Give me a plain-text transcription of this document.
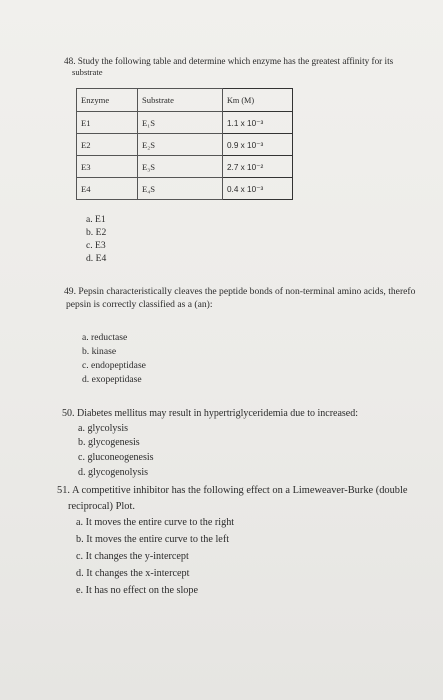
48. Study the following table and determine which enzyme has the greatest affinity for its
substrate
Enzyme	Substrate	Km (M)
E1	E₁S	1.1 x 10⁻³
E2	E₂S	0.9 x 10⁻³
E3	E₃S	2.7 x 10⁻²
E4	E₄S	0.4 x 10⁻³
a. E1
b. E2
c. E3
d. E4
49. Pepsin characteristically cleaves the peptide bonds of non-terminal amino acids, therefo
pepsin is correctly classified as a (an):
a. reductase
b. kinase
c. endopeptidase
d. exopeptidase
50. Diabetes mellitus may result in hypertriglyceridemia due to increased:
a. glycolysis
b. glycogenesis
c. gluconeogenesis
d. glycogenolysis
51. A competitive inhibitor has the following effect on a Limeweaver-Burke (double
reciprocal) Plot.
a. It moves the entire curve to the right
b. It moves the entire curve to the left
c. It changes the y-intercept
d. It changes the x-intercept
e. It has no effect on the slope
